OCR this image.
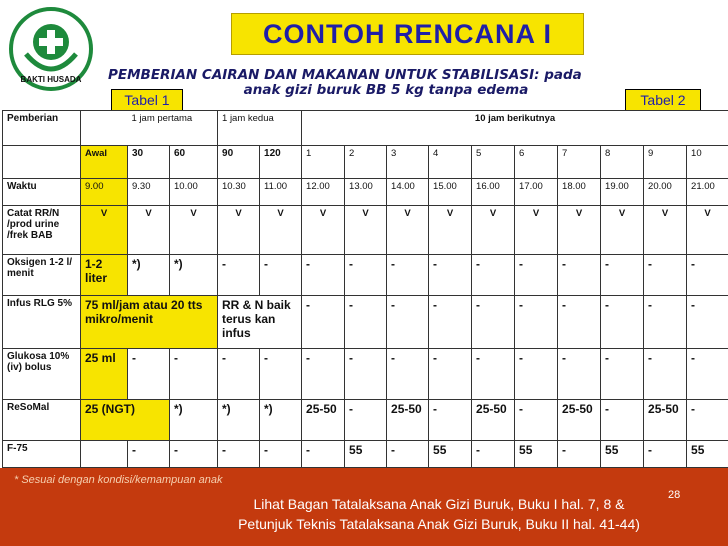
BAKTI HUSADA
CONTOH RENCANA I
PEMBERIAN CAIRAN DAN MAKANAN UNTUK STABILISASI: pada
anak gizi buruk BB 5 kg tanpa edema
Tabel 1	Tabel 2
Pemberian		1 jam pertama		1 jam kedua		10 jam berikutnya									
	Awal	30	60	90	120	1	2	3	4	5	6	7	8	9	10
Waktu	9.00	9.30	10.00	10.30	11.00	12.00	13.00	14.00	15.00	16.00	17.00	18.00	19.00	20.00	21.00
Catat RR/N /prod urine /frek BAB	V	V	V	V	V	V	V	V	V	V	V	V	V	V	V
Oksigen 1-2 l/ menit	1-2 liter	*)	*)	-	-	-	-	-	-	-	-	-	-	-	-
Infus RLG 5%	75 ml/jam atau 20 tts mikro/menit			RR & N baik terus kan infus		-	-	-	-	-	-	-	-	-	-
Glukosa 10% (iv) bolus	25 ml	-	-	-	-	-	-	-	-	-	-	-	-	-	-
ReSoMal	25 (NGT)		*)	*)	*)	25-50	-	25-50	-	25-50	-	25-50	-	25-50	-
F-75		-	-	-	-	-	55	-	55	-	55	-	55	-	55
* Sesuai dengan kondisi/kemampuan anak
Lihat Bagan Tatalaksana Anak Gizi Buruk, Buku I hal. 7, 8 &
Petunjuk Teknis Tatalaksana Anak Gizi Buruk, Buku II hal. 41-44)
28
